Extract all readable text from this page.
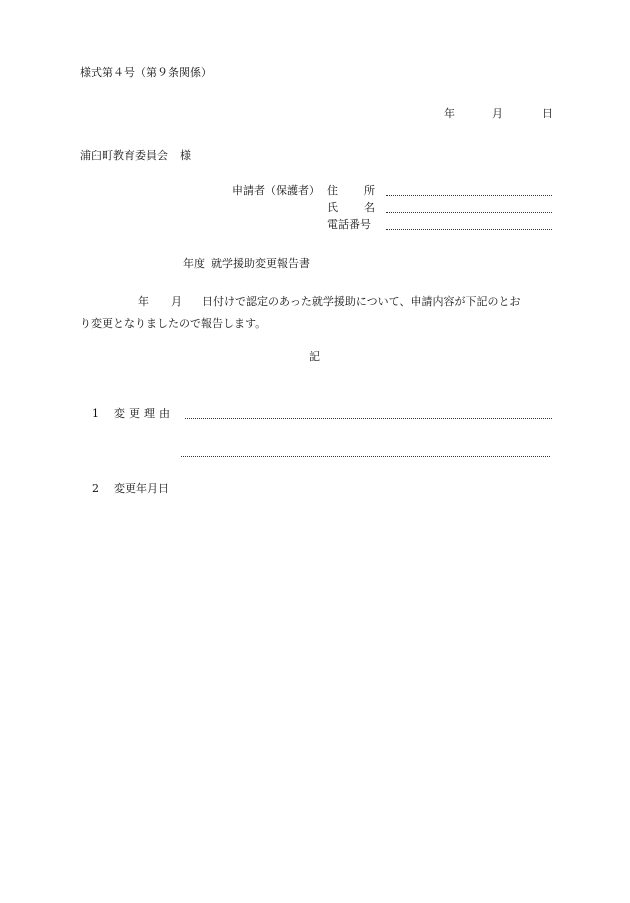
様式第４号（第９条関係）
年	月	日
浦臼町教育委員会 様
申請者（保護者） 住 所
氏 名
電話番号
年度 就学援助変更報告書
年 月 日付けで認定のあった就学援助について、申請内容が下記のとお
り変更となりましたので報告します。
記
1 変更理由
2 変更年月日
